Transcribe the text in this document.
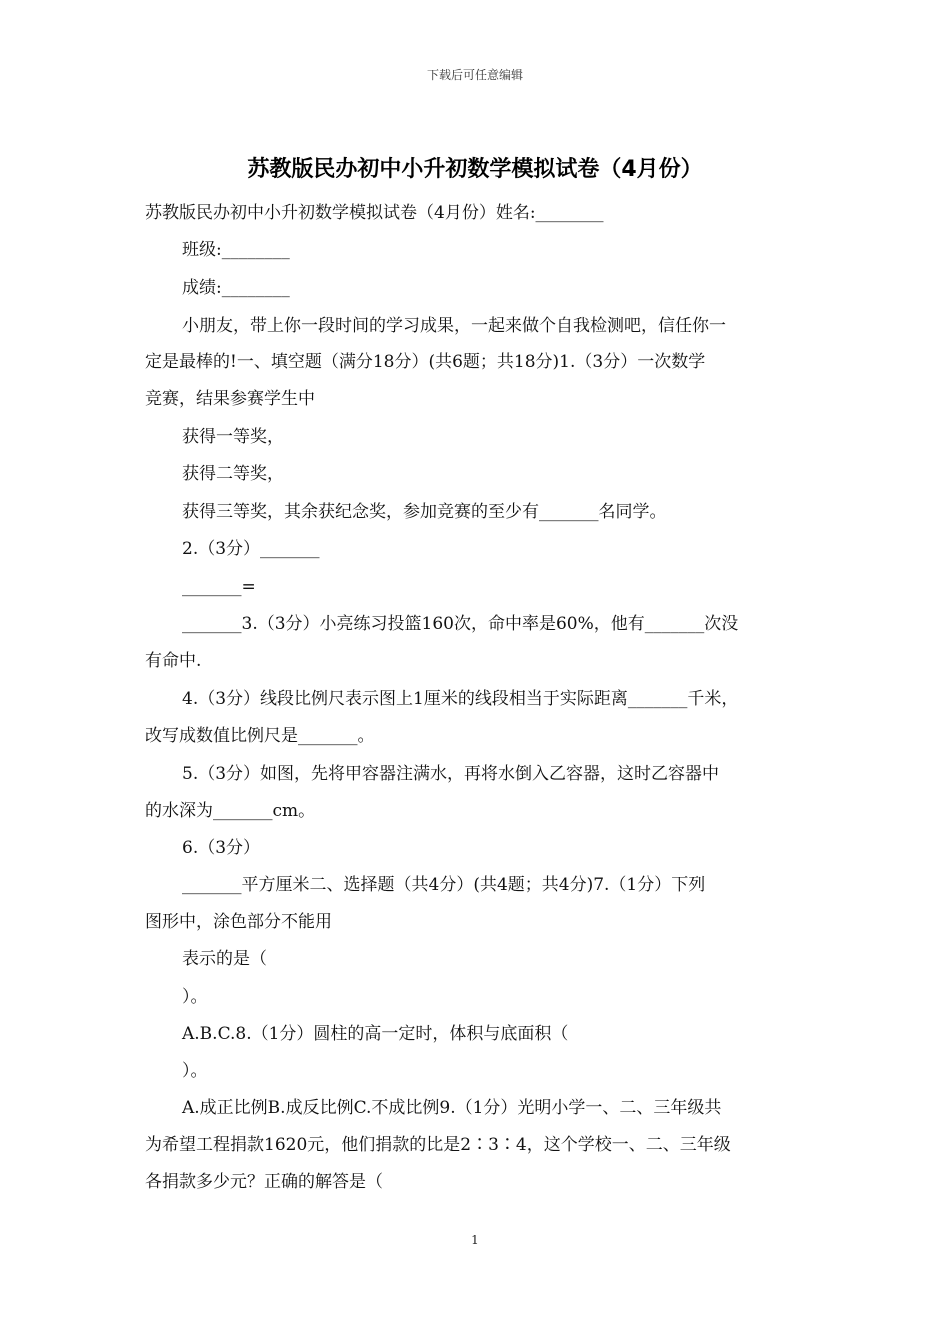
下载后可任意编辑
苏教版民办初中小升初数学模拟试卷（4月份）
苏教版民办初中小升初数学模拟试卷（4月份）姓名:________
班级:________
成绩:________
小朋友，带上你一段时间的学习成果，一起来做个自我检测吧，信任你一
定是最棒的!一、填空题（满分18分）(共6题；共18分)1.（3分）一次数学
竞赛，结果参赛学生中
获得一等奖，
获得二等奖，
获得三等奖，其余获纪念奖，参加竞赛的至少有_______名同学。
2.（3分）_______
_______=
_______3.（3分）小亮练习投篮160次，命中率是60%，他有_______次没
有命中.
4.（3分）线段比例尺表示图上1厘米的线段相当于实际距离_______千米，
改写成数值比例尺是_______。
5.（3分）如图，先将甲容器注满水，再将水倒入乙容器，这时乙容器中
的水深为_______cm。
6.（3分）
_______平方厘米二、选择题（共4分）(共4题；共4分)7.（1分）下列
图形中，涂色部分不能用
表示的是（
）。
A.B.C.8.（1分）圆柱的高一定时，体积与底面积（
）。
A.成正比例B.成反比例C.不成比例9.（1分）光明小学一、二、三年级共
为希望工程捐款1620元，他们捐款的比是2∶3∶4，这个学校一、二、三年级
各捐款多少元？正确的解答是（
1
